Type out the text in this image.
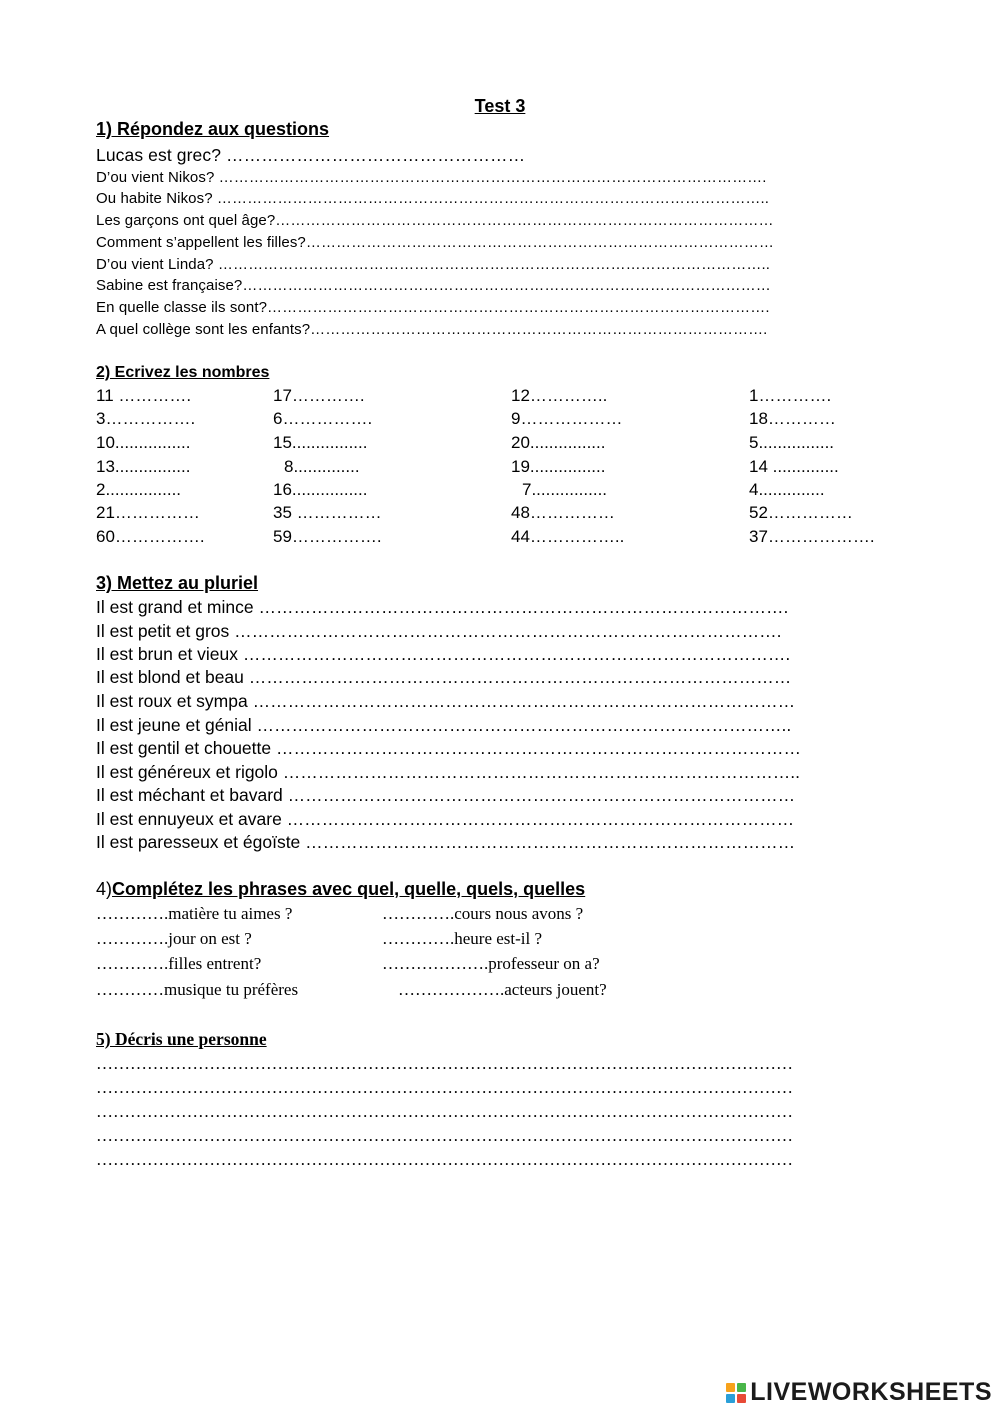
Test 3
1) Répondez aux questions
Lucas est grec? ……………………………………………
D’ou vient Nikos? ……………………………………………………………………………………………….
Ou habite Nikos? ………………………………………………………………………………………………..
Les garçons ont quel âge?………………………………………………………………………………………
Comment s’appellent les filles?…………………………………………………………………………………
D’ou vient Linda? ………………………………………………………………………………………………..
Sabine est française?……………………………………………………………………………………………
En quelle classe ils sont?……………………………………………………………………………………….
A quel collège sont les enfants?……………………………………………………………………………….
2) Ecrivez les nombres
11 ………….	17………….	12…………..	1………….
3…………….	6…………….	9………………	18…………
10................	15................	20................	5................
13................	8..............	19................	14 ..............
2................	16................	7................	4..............
21……………	35 ……………	48……………	52……………
60…………….	59…………….	44……………..	37……………….
3) Mettez au pluriel
Il est grand et mince ……………………………………………………………………………….
Il est petit et gros ………………………………………………………………………………….
Il est brun et vieux ………………………………………………………………………………….
Il est blond et beau …………………………………………………………………………………
Il est roux et sympa …………………………………………………………………………………
Il est jeune et génial ………………………………………………………………………………..
Il est gentil et chouette ………………………………………………………………………………
Il est généreux et rigolo ……………………………………………………………………………..
Il est méchant et bavard ……………………………………………………………………………
Il est ennuyeux et avare ……………………………………………………………………………
Il est paresseux et égoïste …………………………………………………………………………
4)Complétez les phrases avec quel, quelle, quels, quelles
………….matière tu aimes ?	………….cours nous avons ?
………….jour on est ?	………….heure est-il ?
………….filles entrent?	……………….professeur on a?
…………musique tu préfères	……………….acteurs jouent?
5) Décris une personne
……………………………………………………………………………………………………………
……………………………………………………………………………………………………………
……………………………………………………………………………………………………………
……………………………………………………………………………………………………………
……………………………………………………………………………………………………………
LIVEWORKSHEETS
